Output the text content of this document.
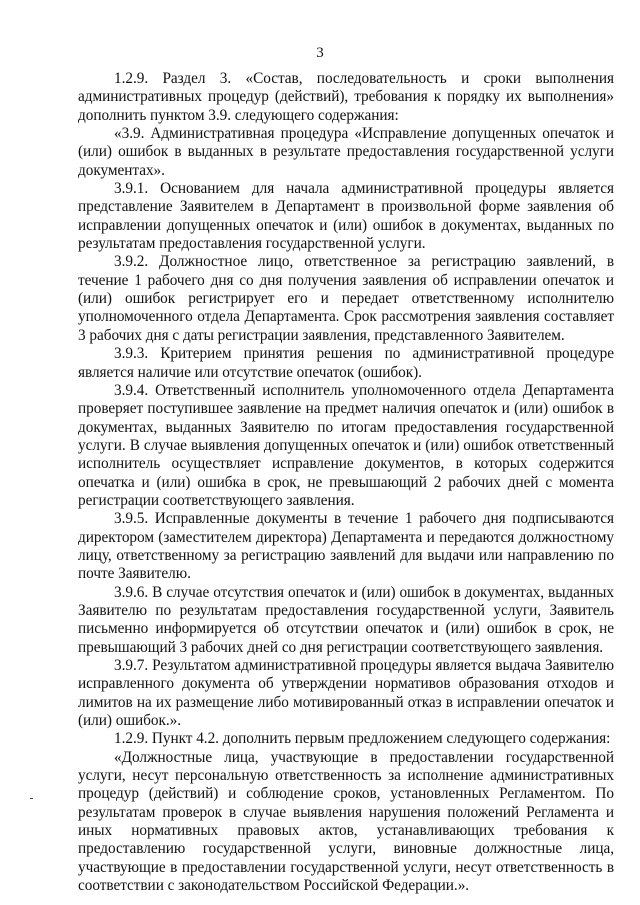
3

1.2.9. Раздел 3. «Состав, последовательность и сроки выполнения административных процедур (действий), требования к порядку их выполнения» дополнить пунктом 3.9. следующего содержания:

«3.9. Административная процедура «Исправление допущенных опечаток и (или) ошибок в выданных в результате предоставления государственной услуги документах».

3.9.1. Основанием для начала административной процедуры является представление Заявителем в Департамент в произвольной форме заявления об исправлении допущенных опечаток и (или) ошибок в документах, выданных по результатам предоставления государственной услуги.

3.9.2. Должностное лицо, ответственное за регистрацию заявлений, в течение 1 рабочего дня со дня получения заявления об исправлении опечаток и (или) ошибок регистрирует его и передает ответственному исполнителю уполномоченного отдела Департамента. Срок рассмотрения заявления составляет 3 рабочих дня с даты регистрации заявления, представленного Заявителем.

3.9.3. Критерием принятия решения по административной процедуре является наличие или отсутствие опечаток (ошибок).

3.9.4. Ответственный исполнитель уполномоченного отдела Департамента проверяет поступившее заявление на предмет наличия опечаток и (или) ошибок в документах, выданных Заявителю по итогам предоставления государственной услуги. В случае выявления допущенных опечаток и (или) ошибок ответственный исполнитель осуществляет исправление документов, в которых содержится опечатка и (или) ошибка в срок, не превышающий 2 рабочих дней с момента регистрации соответствующего заявления.

3.9.5. Исправленные документы в течение 1 рабочего дня подписываются директором (заместителем директора) Департамента и передаются должностному лицу, ответственному за регистрацию заявлений для выдачи или направлению по почте Заявителю.

3.9.6. В случае отсутствия опечаток и (или) ошибок в документах, выданных Заявителю по результатам предоставления государственной услуги, Заявитель письменно информируется об отсутствии опечаток и (или) ошибок в срок, не превышающий 3 рабочих дней со дня регистрации соответствующего заявления.

3.9.7. Результатом административной процедуры является выдача Заявителю исправленного документа об утверждении нормативов образования отходов и лимитов на их размещение либо мотивированный отказ в исправлении опечаток и (или) ошибок.».

1.2.9. Пункт 4.2. дополнить первым предложением следующего содержания:

«Должностные лица, участвующие в предоставлении государственной услуги, несут персональную ответственность за исполнение административных процедур (действий) и соблюдение сроков, установленных Регламентом. По результатам проверок в случае выявления нарушения положений Регламента и иных нормативных правовых актов, устанавливающих требования к предоставлению государственной услуги, виновные должностные лица, участвующие в предоставлении государственной услуги, несут ответственность в соответствии с законодательством Российской Федерации.».
